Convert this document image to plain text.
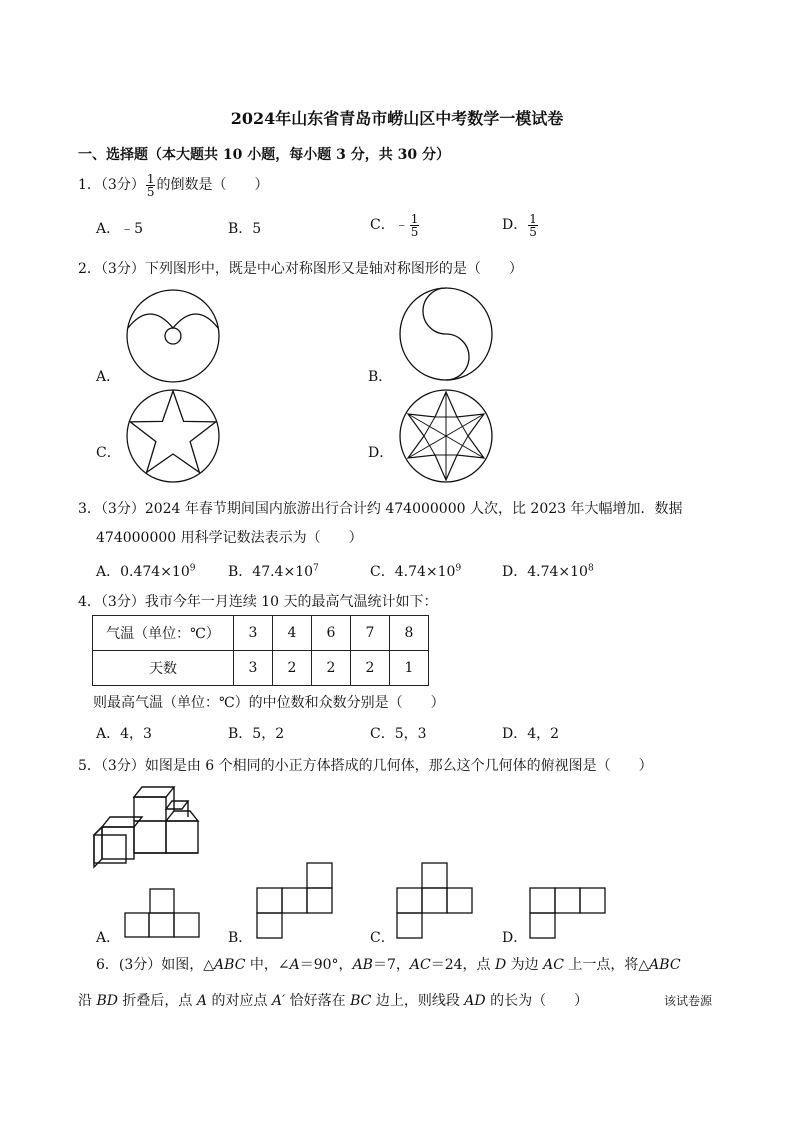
2024年山东省青岛市崂山区中考数学一模试卷
一、选择题（本大题共 10 小题，每小题 3 分，共 30 分）
1．（3分） $\frac{1}{5}$ 的倒数是（　　）
A．﹣5	B．5	C．﹣ $\frac{1}{5}$	D． $\frac{1}{5}$
2．（3分）下列图形中，既是中心对称图形又是轴对称图形的是（　　）
A．	B．
C．	D．
3．（3分）2024 年春节期间国内旅游出行合计约 474000000 人次，比 2023 年大幅增加．数据
474000000 用科学记数法表示为（　　）
A．$0.474\times 10^9$ B．$47.4\times 10^7$	C．$4.74\times 10^9$	D．$4.74\times 10^8$
4．（3分）我市今年一月连续 10 天的最高气温统计如下：
气温（单位：℃）	3	4	6	7	8
天数	3	2	2	2	1
则最高气温（单位：℃）的中位数和众数分别是（　　）
A．4，3	B．5，2	C．5，3	D．4，2
5．（3分）如图是由 6 个相同的小正方体搭成的几何体，那么这个几何体的俯视图是（　　）
A．	B．	C．	D．
6．(3分）如图，△ABC 中，∠A＝90°，AB＝7，AC＝24，点 D 为边 AC 上一点，将△ABC
沿 BD 折叠后，点 A 的对应点 A′ 恰好落在 BC 边上，则线段 AD 的长为（　　）	该试卷源
